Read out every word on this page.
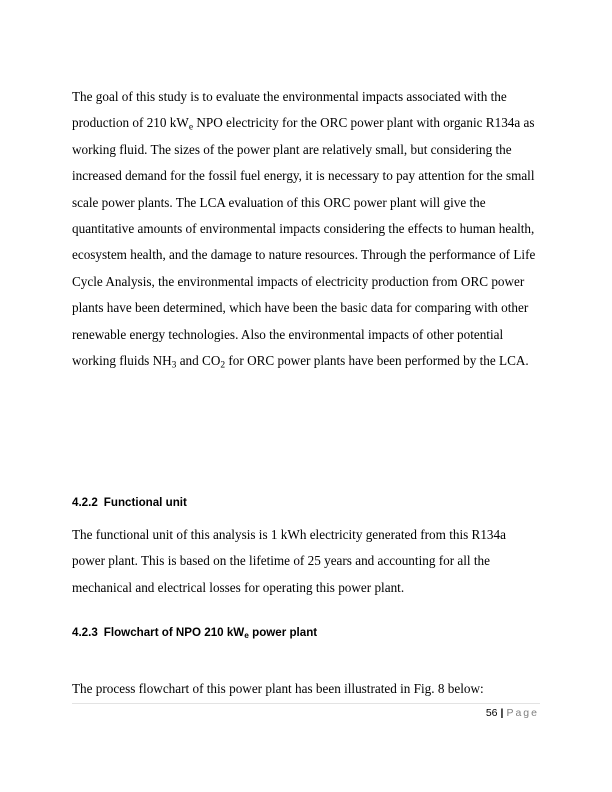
The goal of this study is to evaluate the environmental impacts associated with the production of 210 $kW_e$ NPO electricity for the ORC power plant with organic R134a as working fluid. The sizes of the power plant are relatively small, but considering the increased demand for the fossil fuel energy, it is necessary to pay attention for the small scale power plants. The LCA evaluation of this ORC power plant will give the quantitative amounts of environmental impacts considering the effects to human health, ecosystem health, and the damage to nature resources. Through the performance of Life Cycle Analysis, the environmental impacts of electricity production from ORC power plants have been determined, which have been the basic data for comparing with other renewable energy technologies. Also the environmental impacts of other potential working fluids $NH_3$ and $CO_2$ for ORC power plants have been performed by the LCA.

4.2.2 Functional unit

The functional unit of this analysis is 1 kWh electricity generated from this R134a power plant. This is based on the lifetime of 25 years and accounting for all the mechanical and electrical losses for operating this power plant.

4.2.3 Flowchart of NPO 210 $kW_e$ power plant

The process flowchart of this power plant has been illustrated in Fig. 8 below:

56 | Page
